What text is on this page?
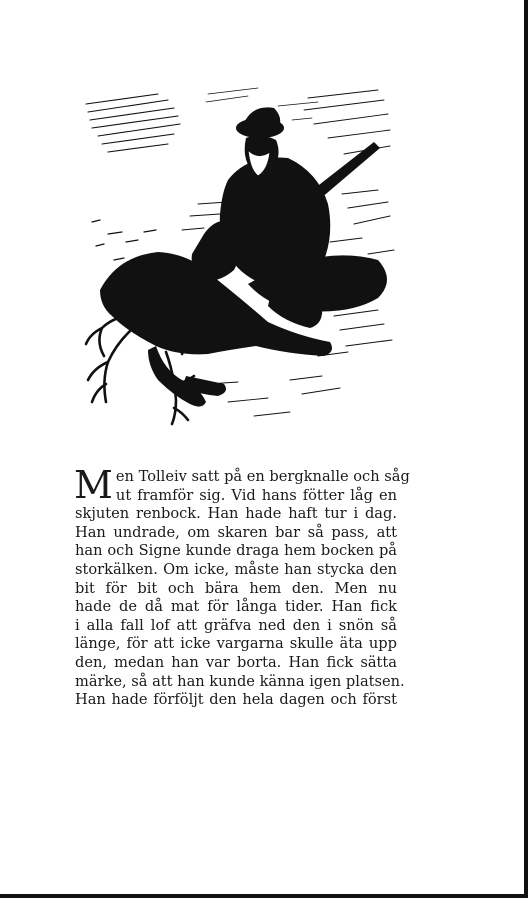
M en Tolleiv satt på en bergknalle och såg
ut framför sig. Vid hans fötter låg en
skjuten renbock. Han hade haft tur i dag.
Han undrade, om skaren bar så pass, att
han och Signe kunde draga hem bocken på
storkälken. Om icke, måste han stycka den
bit för bit och bära hem den. Men nu
hade de då mat för långa tider. Han fick
i alla fall lof att gräfva ned den i snön så
länge, för att icke vargarna skulle äta upp
den, medan han var borta. Han fick sätta
märke, så att han kunde känna igen platsen.
Han hade förföljt den hela dagen och först
